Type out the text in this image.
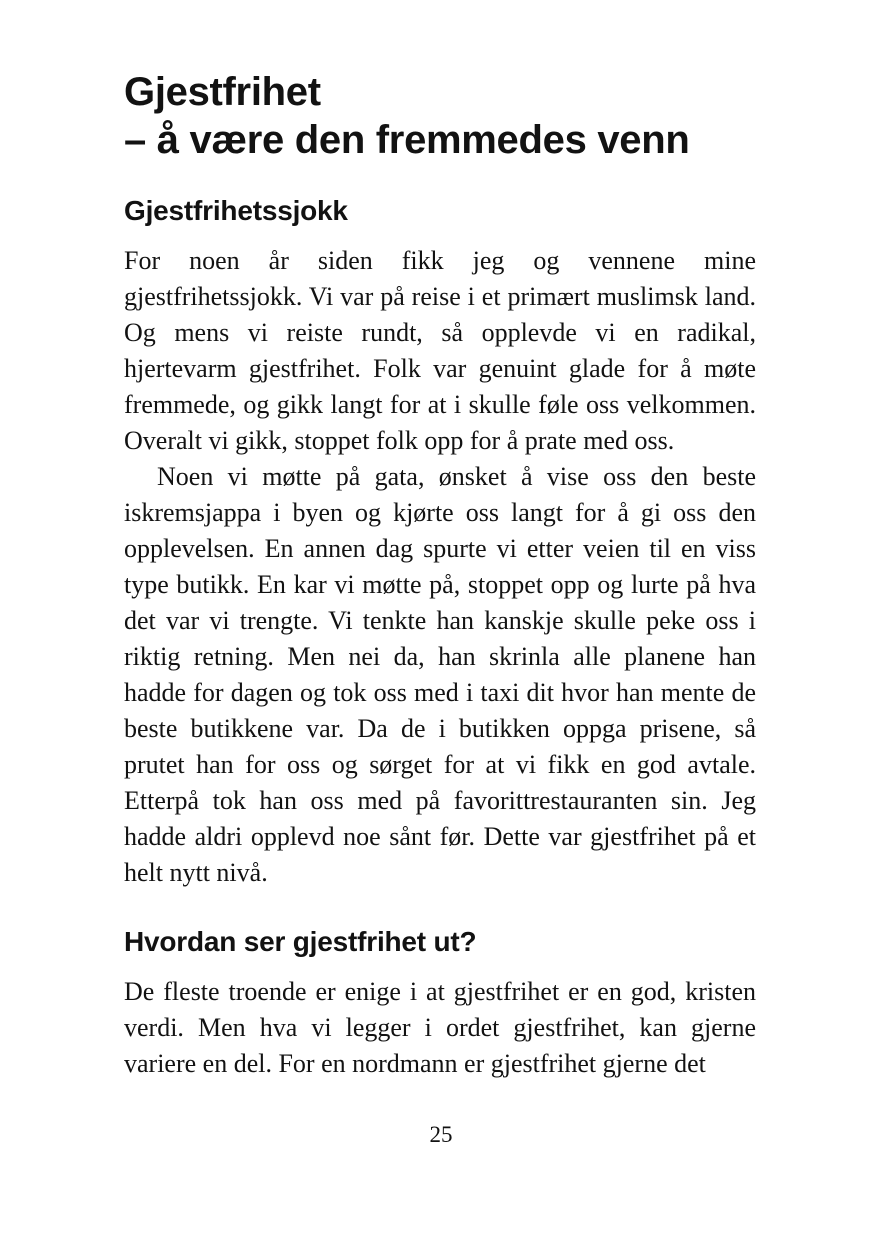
Gjestfrihet
– å være den fremmedes venn
Gjestfrihetssjokk

For noen år siden fikk jeg og vennene mine gjestfrihetssjokk. Vi var på reise i et primært muslimsk land. Og mens vi reiste rundt, så opplevde vi en radikal, hjertevarm gjestfrihet. Folk var genuint glade for å møte fremmede, og gikk langt for at i skulle føle oss velkommen. Overalt vi gikk, stoppet folk opp for å prate med oss.

Noen vi møtte på gata, ønsket å vise oss den beste iskremsjappa i byen og kjørte oss langt for å gi oss den opplevelsen. En annen dag spurte vi etter veien til en viss type butikk. En kar vi møtte på, stoppet opp og lurte på hva det var vi trengte. Vi tenkte han kanskje skulle peke oss i riktig retning. Men nei da, han skrinla alle planene han hadde for dagen og tok oss med i taxi dit hvor han mente de beste butikkene var. Da de i butikken oppga prisene, så prutet han for oss og sørget for at vi fikk en god avtale. Etterpå tok han oss med på favorittrestauranten sin. Jeg hadde aldri opplevd noe sånt før. Dette var gjestfrihet på et helt nytt nivå.

Hvordan ser gjestfrihet ut?

De fleste troende er enige i at gjestfrihet er en god, kristen verdi. Men hva vi legger i ordet gjestfrihet, kan gjerne variere en del. For en nordmann er gjestfrihet gjerne det

25
